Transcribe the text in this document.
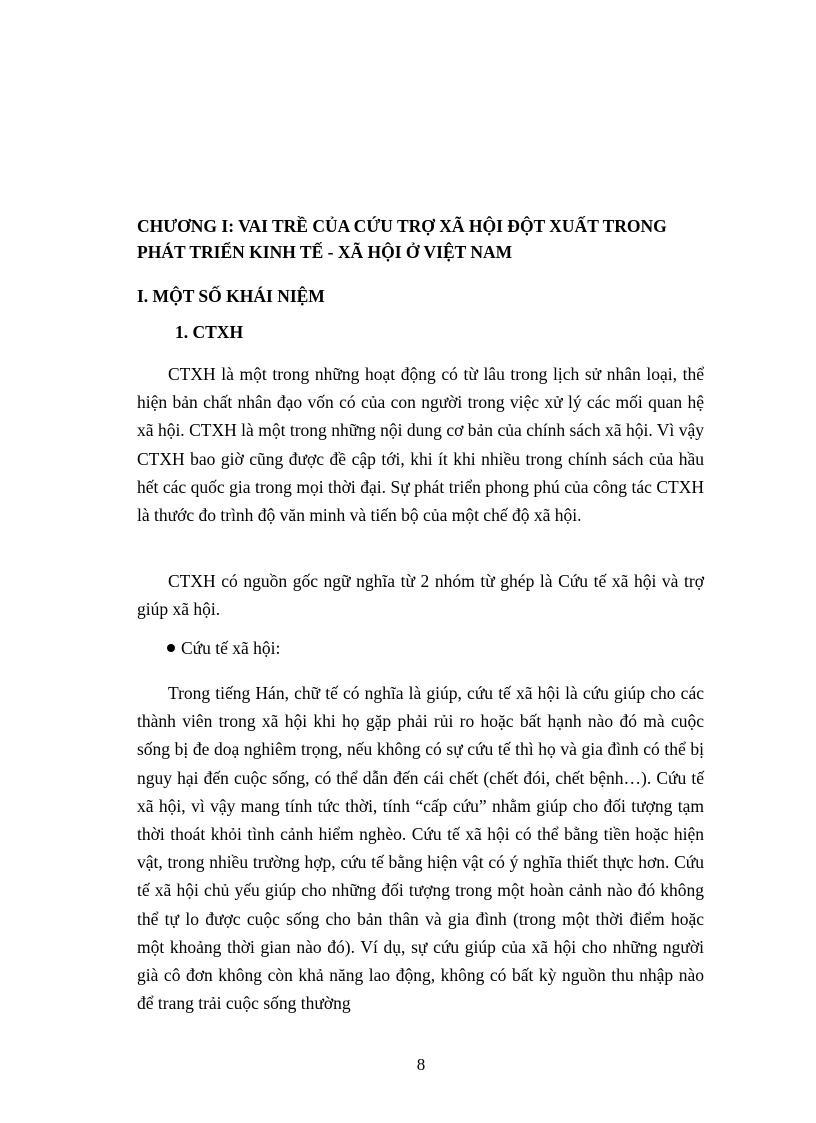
CHƯƠNG I: VAI TRỀ CỦA CỨU TRỢ XÃ HỘI ĐỘT XUẤT TRONG PHÁT TRIỂN KINH TẾ - XÃ HỘI Ở VIỆT NAM
I. MỘT SỐ KHÁI NIỆM
1. CTXH

CTXH là một trong những hoạt động có từ lâu trong lịch sử nhân loại, thể hiện bản chất nhân đạo vốn có của con người trong việc xử lý các mối quan hệ xã hội. CTXH là một trong những nội dung cơ bản của chính sách xã hội. Vì vậy CTXH bao giờ cũng được đề cập tới, khi ít khi nhiều trong chính sách của hầu hết các quốc gia trong mọi thời đại. Sự phát triển phong phú của công tác CTXH là thước đo trình độ văn minh và tiến bộ của một chế độ xã hội.

CTXH có nguồn gốc ngữ nghĩa từ 2 nhóm từ ghép là Cứu tế xã hội và trợ giúp xã hội.

Cứu tế xã hội:

Trong tiếng Hán, chữ tế có nghĩa là giúp, cứu tế xã hội là cứu giúp cho các thành viên trong xã hội khi họ gặp phải rủi ro hoặc bất hạnh nào đó mà cuộc sống bị đe doạ nghiêm trọng, nếu không có sự cứu tế thì họ và gia đình có thể bị nguy hại đến cuộc sống, có thể dẫn đến cái chết (chết đói, chết bệnh…). Cứu tế xã hội, vì vậy mang tính tức thời, tính “cấp cứu” nhằm giúp cho đối tượng tạm thời thoát khỏi tình cảnh hiểm nghèo. Cứu tế xã hội có thể bằng tiền hoặc hiện vật, trong nhiều trường hợp, cứu tế bằng hiện vật có ý nghĩa thiết thực hơn. Cứu tế xã hội chủ yếu giúp cho những đối tượng trong một hoàn cảnh nào đó không thể tự lo được cuộc sống cho bản thân và gia đình (trong một thời điểm hoặc một khoảng thời gian nào đó). Ví dụ, sự cứu giúp của xã hội cho những người già cô đơn không còn khả năng lao động, không có bất kỳ nguồn thu nhập nào để trang trải cuộc sống thường

8
